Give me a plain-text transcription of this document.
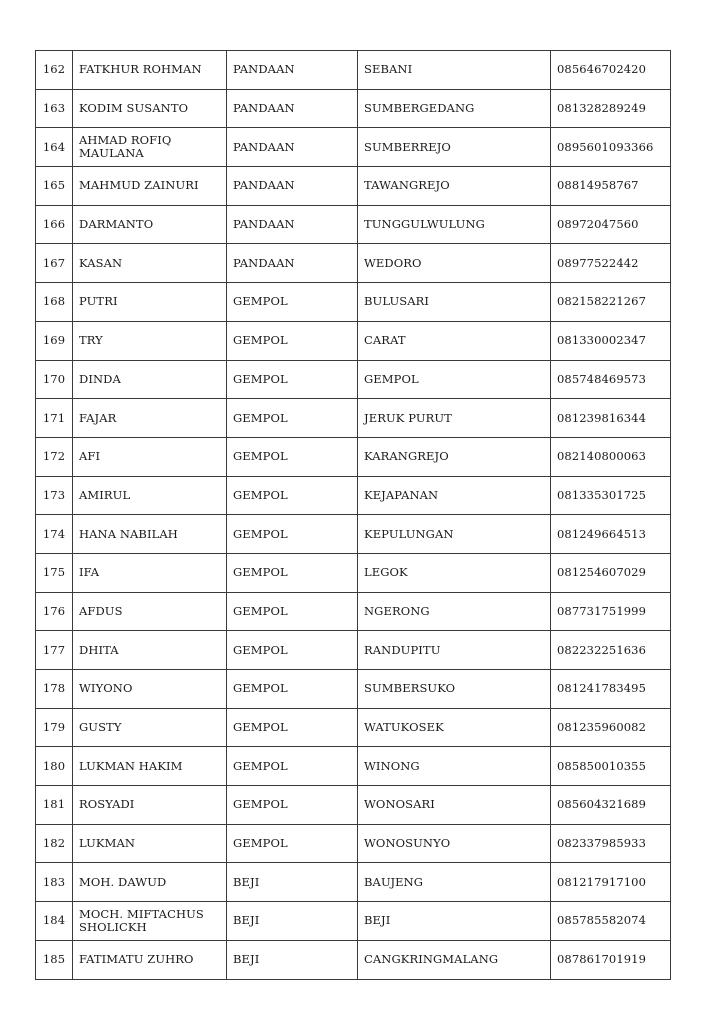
162	FATKHUR ROHMAN	PANDAAN	SEBANI	085646702420
163	KODIM SUSANTO	PANDAAN	SUMBERGEDANG	081328289249
164	AHMAD ROFIQ MAULANA	PANDAAN	SUMBERREJO	0895601093366
165	MAHMUD ZAINURI	PANDAAN	TAWANGREJO	08814958767
166	DARMANTO	PANDAAN	TUNGGULWULUNG	08972047560
167	KASAN	PANDAAN	WEDORO	08977522442
168	PUTRI	GEMPOL	BULUSARI	082158221267
169	TRY	GEMPOL	CARAT	081330002347
170	DINDA	GEMPOL	GEMPOL	085748469573
171	FAJAR	GEMPOL	JERUK PURUT	081239816344
172	AFI	GEMPOL	KARANGREJO	082140800063
173	AMIRUL	GEMPOL	KEJAPANAN	081335301725
174	HANA NABILAH	GEMPOL	KEPULUNGAN	081249664513
175	IFA	GEMPOL	LEGOK	081254607029
176	AFDUS	GEMPOL	NGERONG	087731751999
177	DHITA	GEMPOL	RANDUPITU	082232251636
178	WIYONO	GEMPOL	SUMBERSUKO	081241783495
179	GUSTY	GEMPOL	WATUKOSEK	081235960082
180	LUKMAN HAKIM	GEMPOL	WINONG	085850010355
181	ROSYADI	GEMPOL	WONOSARI	085604321689
182	LUKMAN	GEMPOL	WONOSUNYO	082337985933
183	MOH. DAWUD	BEJI	BAUJENG	081217917100
184	MOCH. MIFTACHUS SHOLICKH	BEJI	BEJI	085785582074
185	FATIMATU ZUHRO	BEJI	CANGKRINGMALANG	087861701919
